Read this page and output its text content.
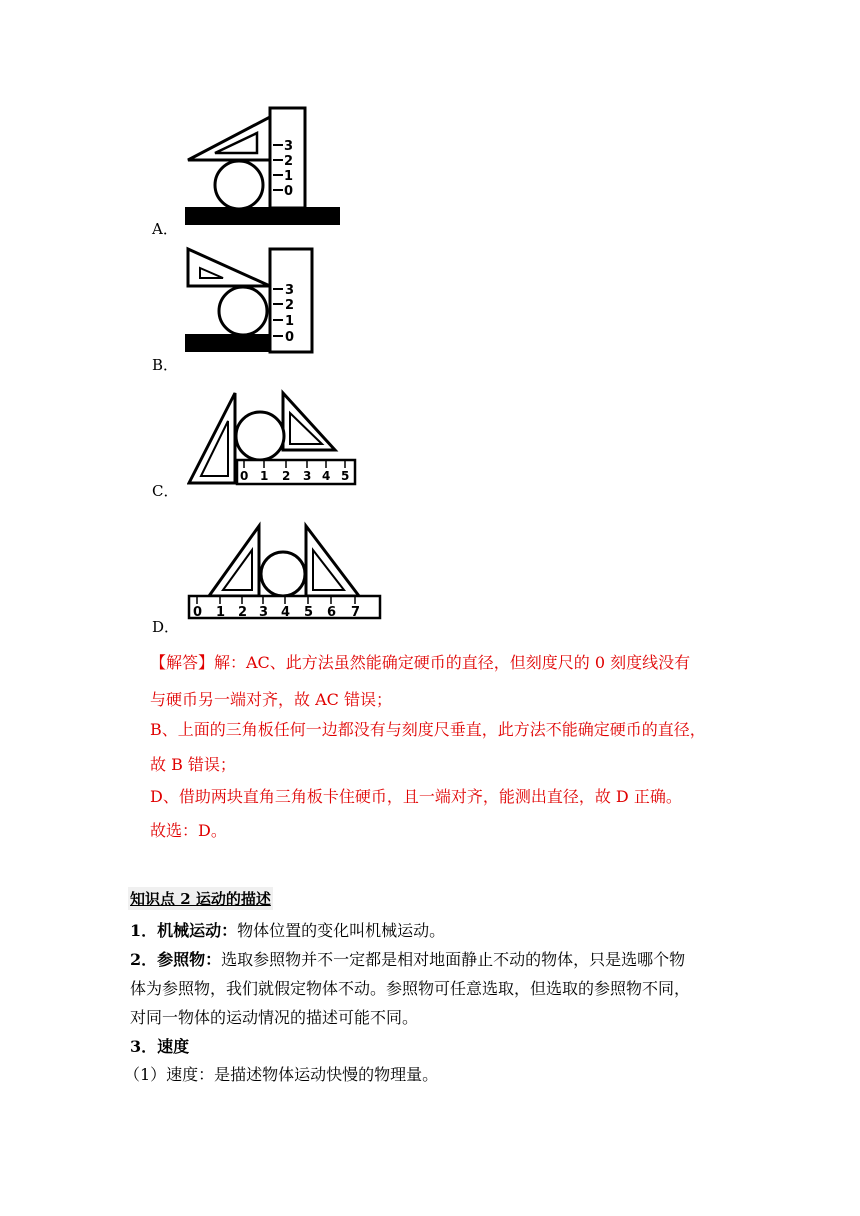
3
2
1
0
A．
3
2
1
0
B．
0 1 2 3 4 5
C．
0 1 2 3 4 5 6 7
D．
【解答】解：AC、此方法虽然能确定硬币的直径，但刻度尺的 0 刻度线没有
与硬币另一端对齐，故 AC 错误；
B、上面的三角板任何一边都没有与刻度尺垂直，此方法不能确定硬币的直径，
故 B 错误；
D、借助两块直角三角板卡住硬币，且一端对齐，能测出直径，故 D 正确。
故选：D。
知识点 2 运动的描述
1．机械运动：物体位置的变化叫机械运动。
2．参照物：选取参照物并不一定都是相对地面静止不动的物体，只是选哪个物
体为参照物，我们就假定物体不动。参照物可任意选取，但选取的参照物不同，
对同一物体的运动情况的描述可能不同。
3．速度
（1）速度：是描述物体运动快慢的物理量。
